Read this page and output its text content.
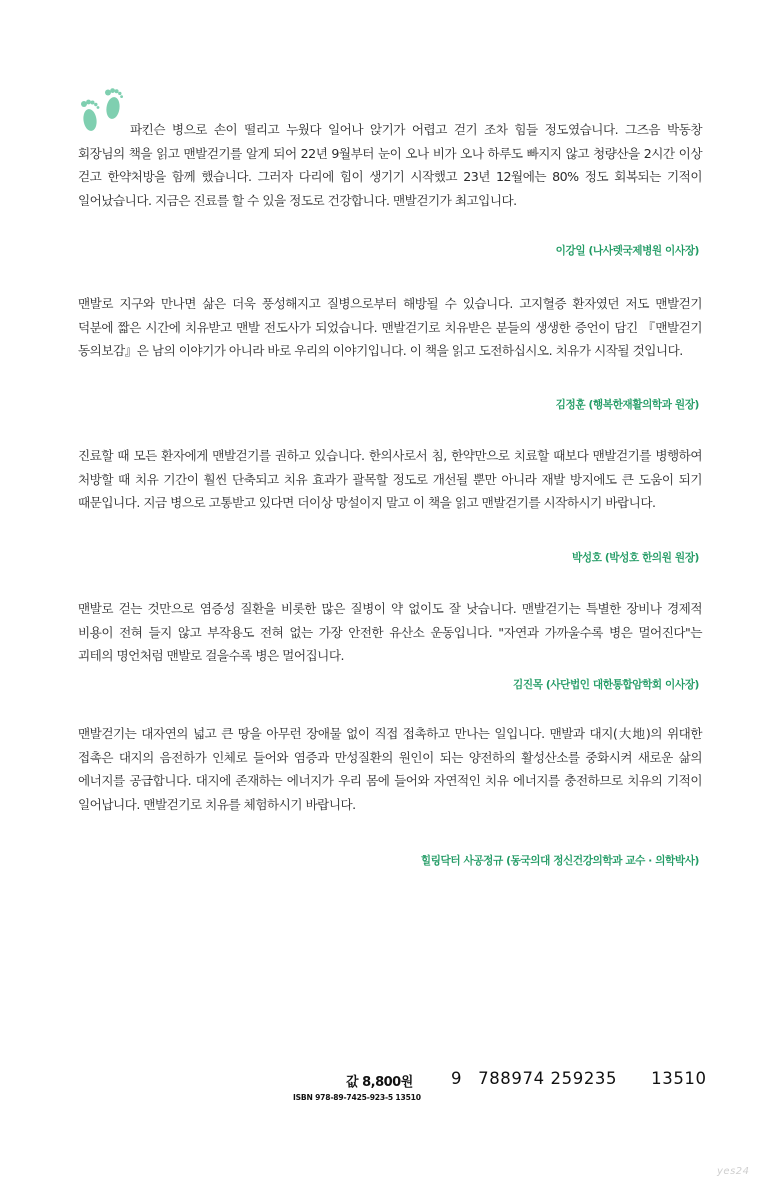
파킨슨 병으로 손이 떨리고 누웠다 일어나 앉기가 어렵고 걷기 조차 힘들 정도였습니다. 그즈음 박동창 회장님의 책을 읽고 맨발걷기를 알게 되어 22년 9월부터 눈이 오나 비가 오나 하루도 빠지지 않고 청량산을 2시간 이상 걷고 한약처방을 함께 했습니다. 그러자 다리에 힘이 생기기 시작했고 23년 12월에는 80% 정도 회복되는 기적이 일어났습니다. 지금은 진료를 할 수 있을 정도로 건강합니다. 맨발걷기가 최고입니다.

이강일 (나사렛국제병원 이사장)

맨발로 지구와 만나면 삶은 더욱 풍성해지고 질병으로부터 해방될 수 있습니다. 고지혈증 환자였던 저도 맨발걷기 덕분에 짧은 시간에 치유받고 맨발 전도사가 되었습니다. 맨발걷기로 치유받은 분들의 생생한 증언이 담긴 『맨발걷기 동의보감』은 남의 이야기가 아니라 바로 우리의 이야기입니다. 이 책을 읽고 도전하십시오. 치유가 시작될 것입니다.

김정훈 (행복한재활의학과 원장)

진료할 때 모든 환자에게 맨발걷기를 권하고 있습니다. 한의사로서 침, 한약만으로 치료할 때보다 맨발걷기를 병행하여 처방할 때 치유 기간이 훨씬 단축되고 치유 효과가 괄목할 정도로 개선될 뿐만 아니라 재발 방지에도 큰 도움이 되기 때문입니다. 지금 병으로 고통받고 있다면 더이상 망설이지 말고 이 책을 읽고 맨발걷기를 시작하시기 바랍니다.

박성호 (박성호 한의원 원장)

맨발로 걷는 것만으로 염증성 질환을 비롯한 많은 질병이 약 없이도 잘 낫습니다. 맨발걷기는 특별한 장비나 경제적 비용이 전혀 들지 않고 부작용도 전혀 없는 가장 안전한 유산소 운동입니다. "자연과 가까울수록 병은 멀어진다"는 괴테의 명언처럼 맨발로 걸을수록 병은 멀어집니다.

김진목 (사단법인 대한통합암학회 이사장)

맨발걷기는 대자연의 넓고 큰 땅을 아무런 장애물 없이 직접 접촉하고 만나는 일입니다. 맨발과 대지(大地)의 위대한 접촉은 대지의 음전하가 인체로 들어와 염증과 만성질환의 원인이 되는 양전하의 활성산소를 중화시켜 새로운 삶의 에너지를 공급합니다. 대지에 존재하는 에너지가 우리 몸에 들어와 자연적인 치유 에너지를 충전하므로 치유의 기적이 일어납니다. 맨발걷기로 치유를 체험하시기 바랍니다.

힐링닥터 사공정규 (동국의대 정신건강의학과 교수 · 의학박사)
값 8,800원
ISBN 978-89-7425-923-5 13510
9 788974 259235 13510
yes24
